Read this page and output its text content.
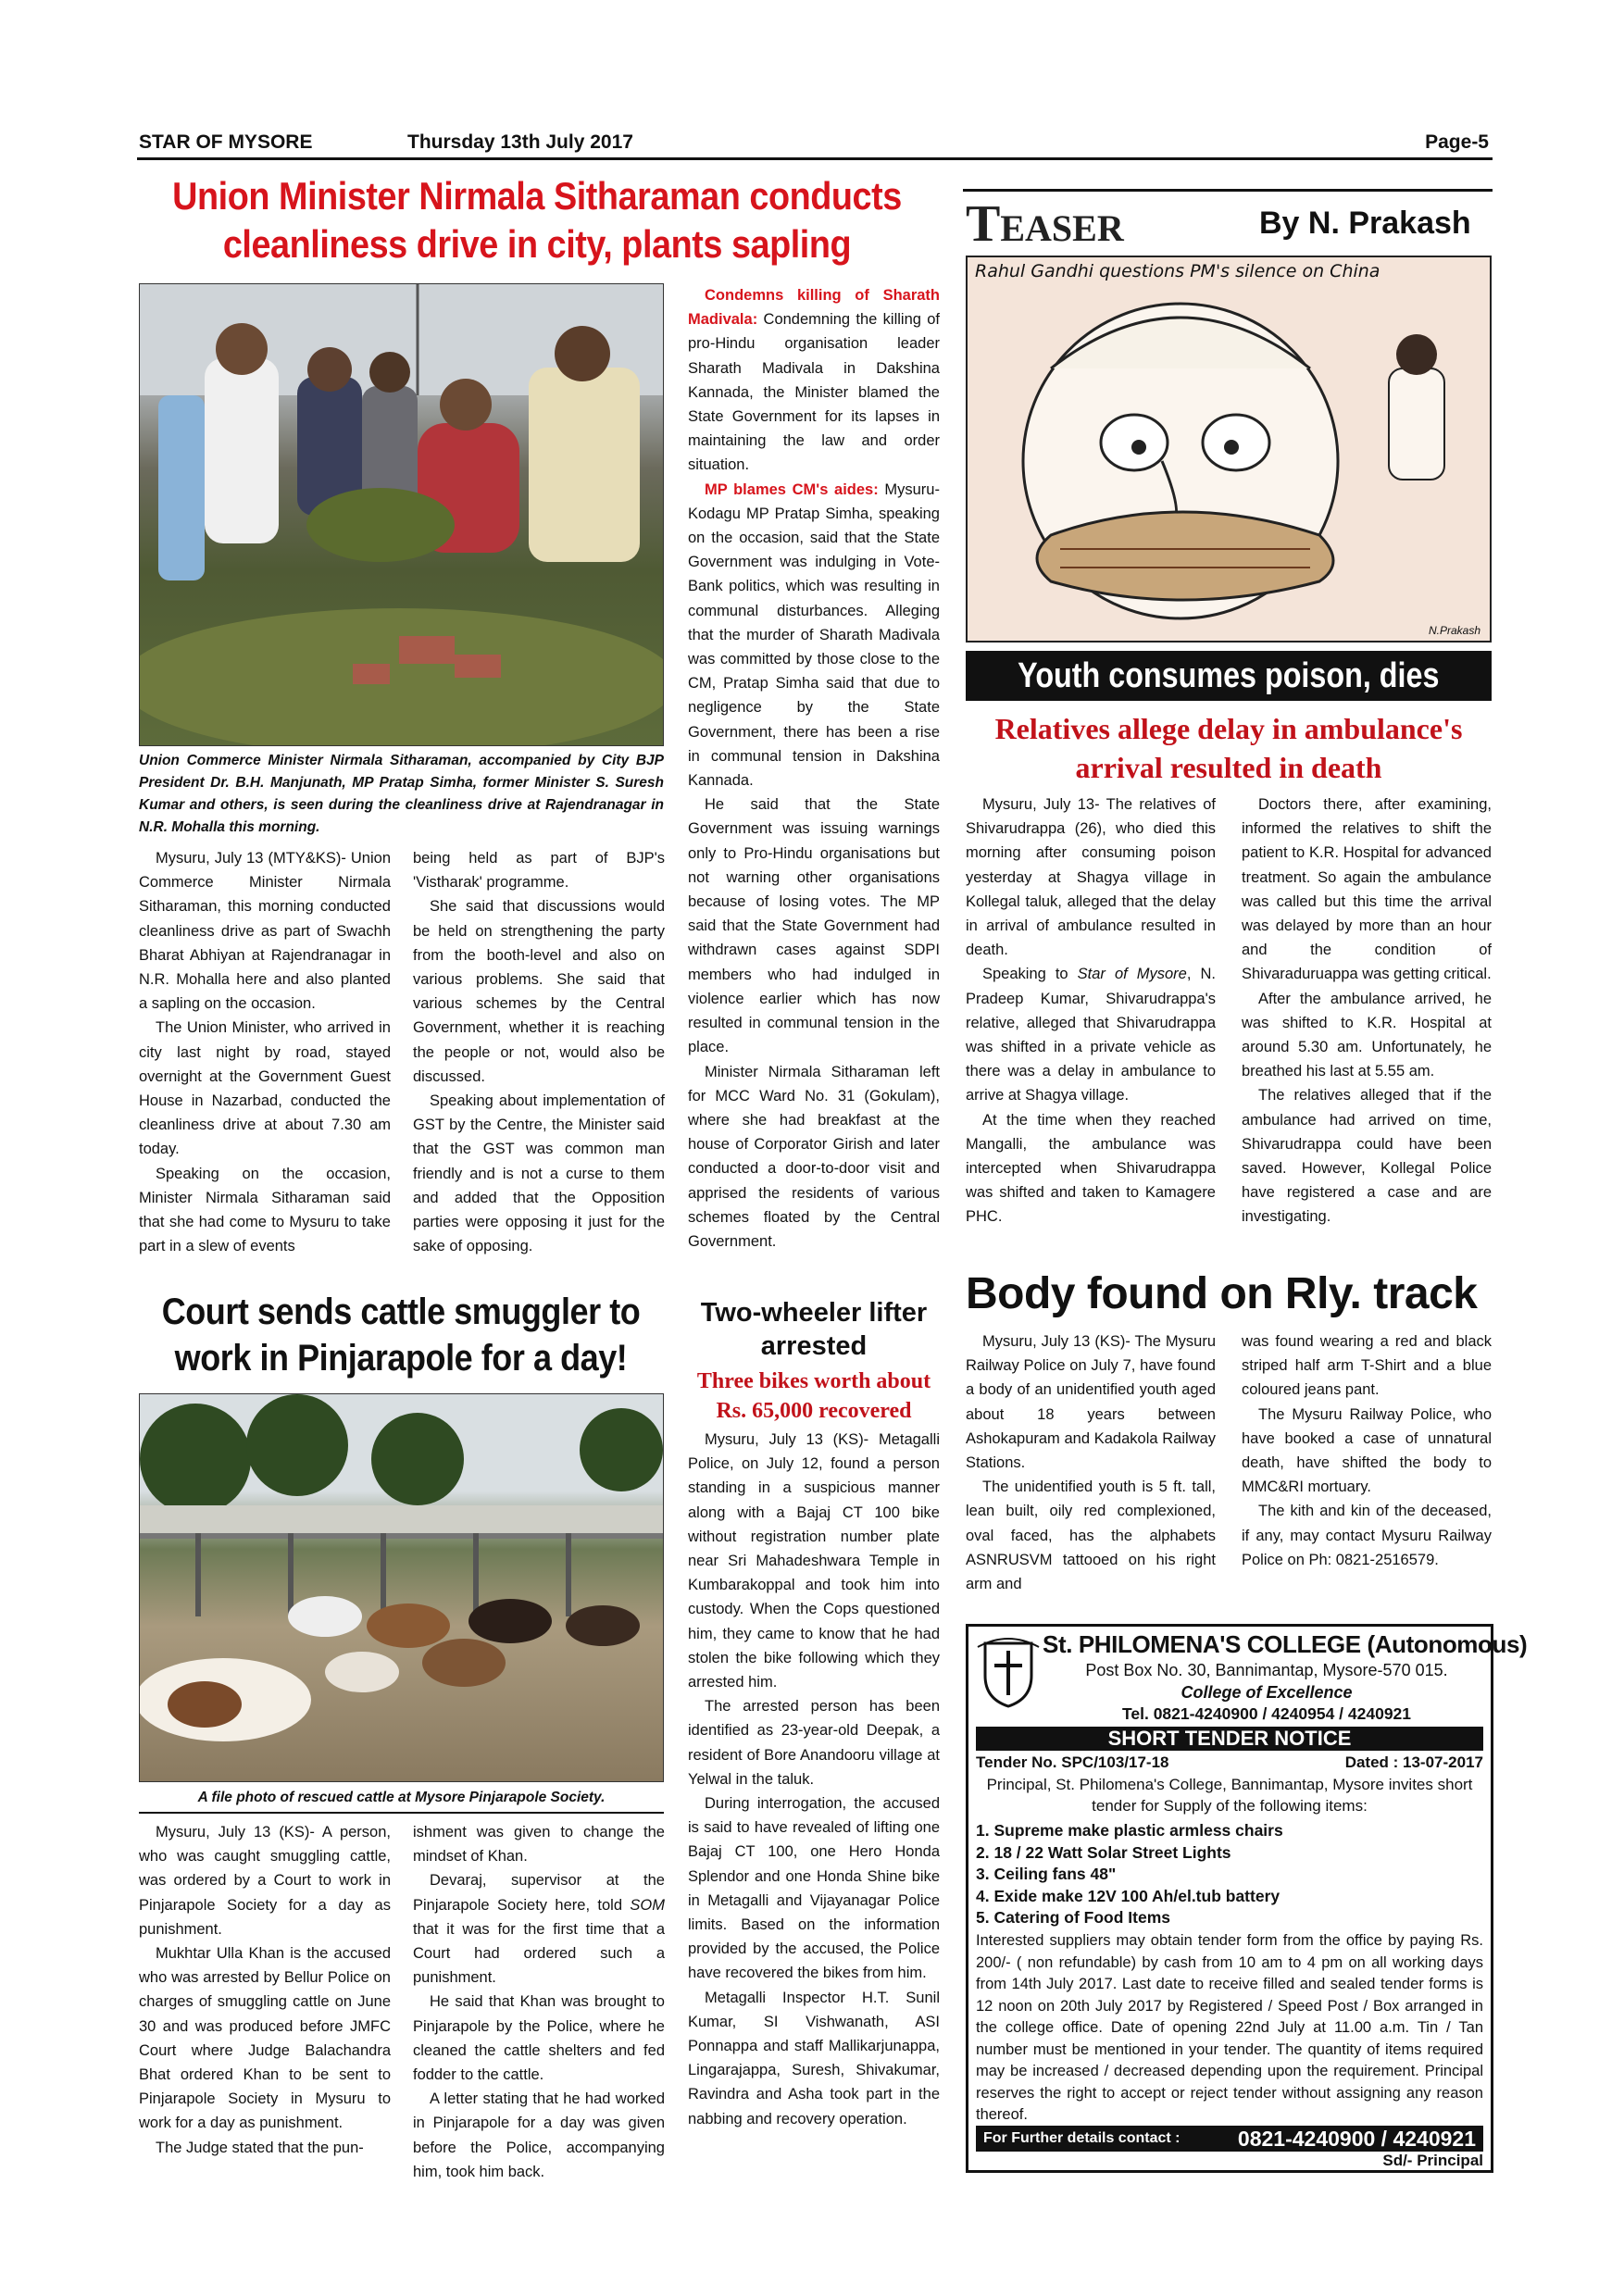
STAR OF MYSORE	Thursday 13th July 2017	Page-5
Union Minister Nirmala Sitharaman conducts
cleanliness drive in city, plants sapling
Union Commerce Minister Nirmala Sitharaman, accompanied by City BJP President Dr. B.H. Manjunath, MP Pratap Simha, former Minister S. Suresh Kumar and others, is seen during the cleanliness drive at Rajendranagar in N.R. Mohalla this morning.

Mysuru, July 13 (MTY&KS)- Union Commerce Minister Nirmala Sitharaman, this morning conducted cleanliness drive as part of Swachh Bharat Abhiyan at Rajendranagar in N.R. Mohalla here and also planted a sapling on the occasion.

The Union Minister, who arrived in city last night by road, stayed overnight at the Government Guest House in Nazarbad, conducted the cleanliness drive at about 7.30 am today.

Speaking on the occasion, Minister Nirmala Sitharaman said that she had come to Mysuru to take part in a slew of events

being held as part of BJP's 'Vistharak' programme.

She said that discussions would be held on strengthening the party from the booth-level and also on various problems. She said that various schemes by the Central Government, whether it is reaching the people or not, would also be discussed.

Speaking about implementation of GST by the Centre, the Minister said that the GST was common man friendly and is not a curse to them and added that the Opposition parties were opposing it just for the sake of opposing.

Condemns killing of Sharath Madivala: Condemning the killing of pro-Hindu organisation leader Sharath Madivala in Dakshina Kannada, the Minister blamed the State Government for its lapses in maintaining the law and order situation.

MP blames CM's aides: Mysuru-Kodagu MP Pratap Simha, speaking on the occasion, said that the State Government was indulging in Vote-Bank politics, which was resulting in communal disturbances. Alleging that the murder of Sharath Madivala was committed by those close to the CM, Pratap Simha said that due to negligence by the State Government, there has been a rise in communal tension in Dakshina Kannada.

He said that the State Government was issuing warnings only to Pro-Hindu organisations but not warning other organisations because of losing votes. The MP said that the State Government had withdrawn cases against SDPI members who had indulged in violence earlier which has now resulted in communal tension in the place.

Minister Nirmala Sitharaman left for MCC Ward No. 31 (Gokulam), where she had breakfast at the house of Corporator Girish and later conducted a door-to-door visit and apprised the residents of various schemes floated by the Central Government.

TEASER	By N. Prakash
Rahul Gandhi questions PM's silence on China
N.Prakash
Youth consumes poison, dies
Relatives allege delay in ambulance's arrival resulted in death

Mysuru, July 13- The relatives of Shivarudrappa (26), who died this morning after consuming poison yesterday at Shagya village in Kollegal taluk, alleged that the delay in arrival of ambulance resulted in death.

Speaking to Star of Mysore, N. Pradeep Kumar, Shivarudrappa's relative, alleged that Shivarudrappa was shifted in a private vehicle as there was a delay in ambulance to arrive at Shagya village.

At the time when they reached Mangalli, the ambulance was intercepted when Shivarudrappa was shifted and taken to Kamagere PHC.

Doctors there, after examining, informed the relatives to shift the patient to K.R. Hospital for advanced treatment. So again the ambulance was called but this time the arrival was delayed by more than an hour and the condition of Shivaraduruappa was getting critical.

After the ambulance arrived, he was shifted to K.R. Hospital at around 5.30 am. Unfortunately, he breathed his last at 5.55 am.

The relatives alleged that if the ambulance had arrived on time, Shivarudrappa could have been saved. However, Kollegal Police have registered a case and are investigating.

Body found on Rly. track

Mysuru, July 13 (KS)- The Mysuru Railway Police on July 7, have found a body of an unidentified youth aged about 18 years between Ashokapuram and Kadakola Railway Stations.

The unidentified youth is 5 ft. tall, lean built, oily red complexioned, oval faced, has the alphabets ASNRUSVM tattooed on his right arm and

was found wearing a red and black striped half arm T-Shirt and a blue coloured jeans pant.

The Mysuru Railway Police, who have booked a case of unnatural death, have shifted the body to MMC&RI mortuary.

The kith and kin of the deceased, if any, may contact Mysuru Railway Police on Ph: 0821-2516579.

Court sends cattle smuggler to
work in Pinjarapole for a day!
A file photo of rescued cattle at Mysore Pinjarapole Society.

Mysuru, July 13 (KS)- A person, who was caught smuggling cattle, was ordered by a Court to work in Pinjarapole Society for a day as punishment.

Mukhtar Ulla Khan is the accused who was arrested by Bellur Police on charges of smuggling cattle on June 30 and was produced before JMFC Court where Judge Balachandra Bhat ordered Khan to be sent to Pinjarapole Society in Mysuru to work for a day as punishment.

The Judge stated that the pun-

ishment was given to change the mindset of Khan.

Devaraj, supervisor at the Pinjarapole Society here, told SOM that it was for the first time that a Court had ordered such a punishment.

He said that Khan was brought to Pinjarapole by the Police, where he cleaned the cattle shelters and fed fodder to the cattle.

A letter stating that he had worked in Pinjarapole for a day was given before the Police, accompanying him, took him back.

Two-wheeler lifter
arrested
Three bikes worth about
Rs. 65,000 recovered

Mysuru, July 13 (KS)- Metagalli Police, on July 12, found a person standing in a suspicious manner along with a Bajaj CT 100 bike without registration number plate near Sri Mahadeshwara Temple in Kumbarakoppal and took him into custody. When the Cops questioned him, they came to know that he had stolen the bike following which they arrested him.

The arrested person has been identified as 23-year-old Deepak, a resident of Bore Anandooru village at Yelwal in the taluk.

During interrogation, the accused is said to have revealed of lifting one Bajaj CT 100, one Hero Honda Splendor and one Honda Shine bike in Metagalli and Vijayanagar Police limits. Based on the information provided by the accused, the Police have recovered the bikes from him.

Metagalli Inspector H.T. Sunil Kumar, SI Vishwanath, ASI Ponnappa and staff Mallikarjunappa, Lingarajappa, Suresh, Shivakumar, Ravindra and Asha took part in the nabbing and recovery operation.

St. PHILOMENA'S COLLEGE (Autonomous)
Post Box No. 30, Bannimantap, Mysore-570 015.
College of Excellence
Tel. 0821-4240900 / 4240954 / 4240921
SHORT TENDER NOTICE
Tender No. SPC/103/17-18	Dated : 13-07-2017
Principal, St. Philomena's College, Bannimantap, Mysore invites short tender for Supply of the following items:
1. Supreme make plastic armless chairs
2. 18 / 22 Watt Solar Street Lights
3. Ceiling fans 48"
4. Exide make 12V 100 Ah/el.tub battery
5. Catering of Food Items
Interested suppliers may obtain tender form from the office by paying Rs. 200/- ( non refundable) by cash from 10 am to 4 pm on all working days from 14th July 2017. Last date to receive filled and sealed tender forms is 12 noon on 20th July 2017 by Registered / Speed Post / Box arranged in the college office. Date of opening 22nd July at 11.00 a.m. Tin / Tan number must be mentioned in your tender. The quantity of items required may be increased / decreased depending upon the requirement. Principal reserves the right to accept or reject tender without assigning any reason thereof.
For Further details contact :	0821-4240900 / 4240921
Sd/- Principal
